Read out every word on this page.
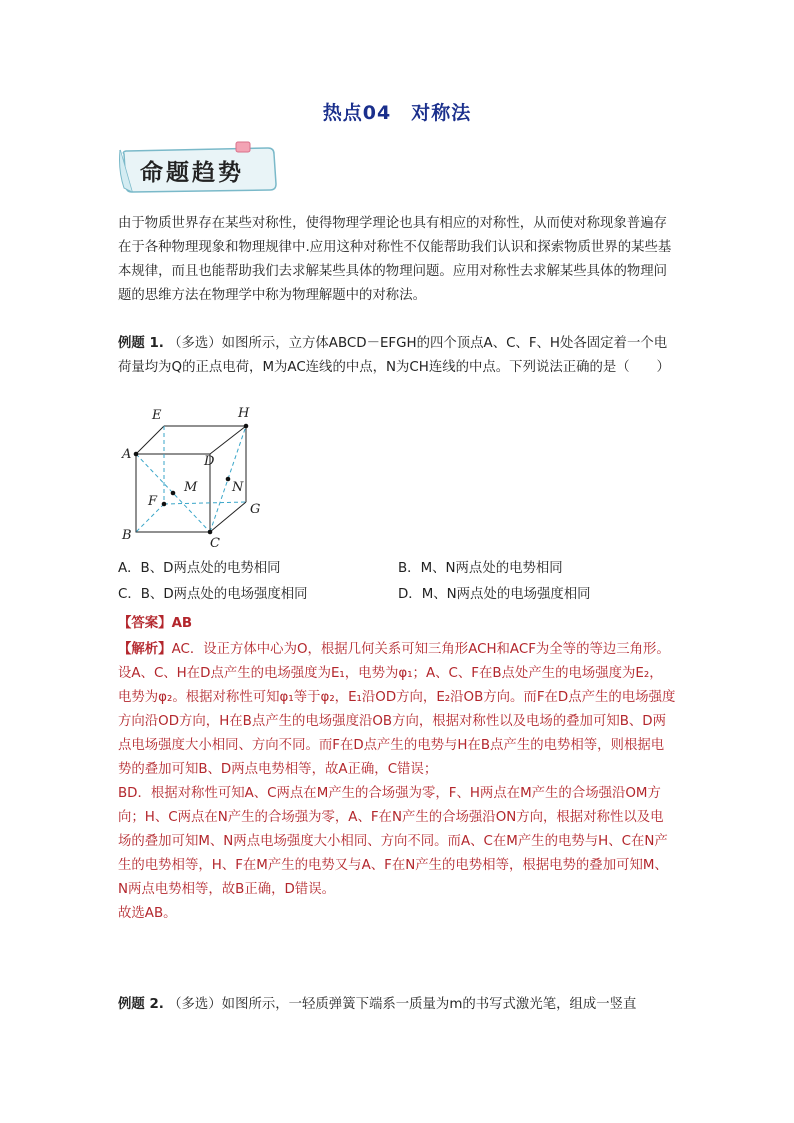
热点04　对称法
命题趋势

由于物质世界存在某些对称性，使得物理学理论也具有相应的对称性，从而使对称现象普遍存在于各种物理现象和物理规律中.应用这种对称性不仅能帮助我们认识和探索物质世界的某些基本规律，而且也能帮助我们去求解某些具体的物理问题。应用对称性去求解某些具体的物理问题的思维方法在物理学中称为物理解题中的对称法。

例题 1. （多选）如图所示，立方体ABCD－EFGH的四个顶点A、C、F、H处各固定着一个电荷量均为Q的正点电荷，M为AC连线的中点，N为CH连线的中点。下列说法正确的是（　　）

A
E	H
D
F
M	N
G
B
C
A．B、D两点处的电势相同	B．M、N两点处的电势相同
C．B、D两点处的电场强度相同	D．M、N两点处的电场强度相同

【答案】AB

【解析】AC．设正方体中心为O，根据几何关系可知三角形ACH和ACF为全等的等边三角形。设A、C、H在D点产生的电场强度为E₁，电势为φ₁；A、C、F在B点处产生的电场强度为E₂，电势为φ₂。根据对称性可知φ₁等于φ₂，E₁沿OD方向，E₂沿OB方向。而F在D点产生的电场强度方向沿OD方向，H在B点产生的电场强度沿OB方向，根据对称性以及电场的叠加可知B、D两点电场强度大小相同、方向不同。而F在D点产生的电势与H在B点产生的电势相等，则根据电势的叠加可知B、D两点电势相等，故A正确，C错误；

BD．根据对称性可知A、C两点在M产生的合场强为零，F、H两点在M产生的合场强沿OM方向；H、C两点在N产生的合场强为零，A、F在N产生的合场强沿ON方向，根据对称性以及电场的叠加可知M、N两点电场强度大小相同、方向不同。而A、C在M产生的电势与H、C在N产生的电势相等，H、F在M产生的电势又与A、F在N产生的电势相等，根据电势的叠加可知M、N两点电势相等，故B正确，D错误。

故选AB。

例题 2. （多选）如图所示，一轻质弹簧下端系一质量为m的书写式激光笔，组成一竖直
